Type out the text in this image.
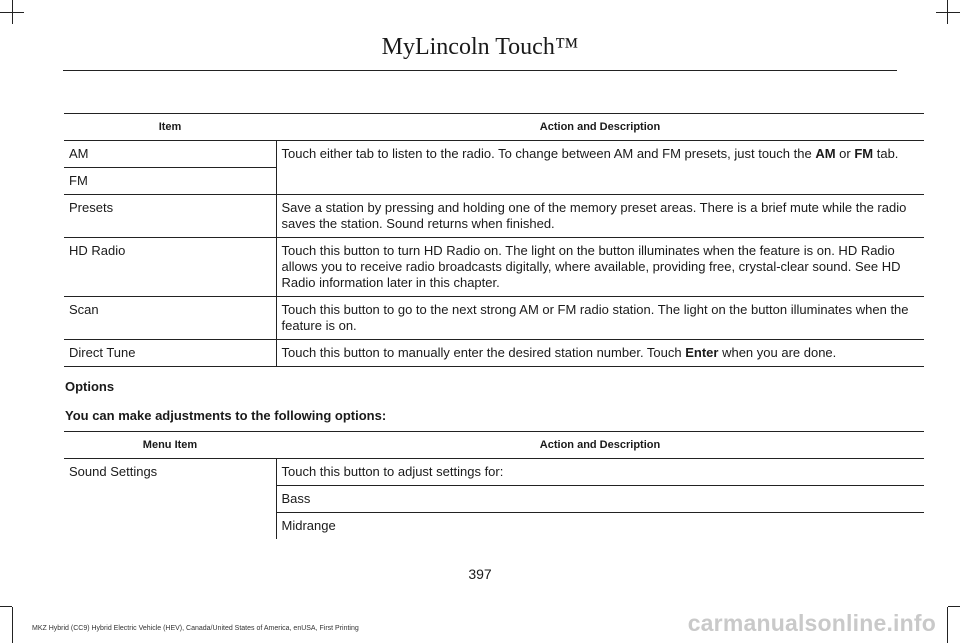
MyLincoln Touch™
Item	Action and Description
AM	Touch either tab to listen to the radio. To change between AM and FM presets, just touch the AM or FM tab.
FM	
Presets	Save a station by pressing and holding one of the memory preset areas. There is a brief mute while the radio saves the station. Sound returns when finished.
HD Radio	Touch this button to turn HD Radio on. The light on the button illuminates when the feature is on. HD Radio allows you to receive radio broadcasts digitally, where available, providing free, crystal-clear sound. See HD Radio information later in this chapter.
Scan	Touch this button to go to the next strong AM or FM radio station. The light on the button illuminates when the feature is on.
Direct Tune	Touch this button to manually enter the desired station number. Touch Enter when you are done.
Options
You can make adjustments to the following options:
Menu Item	Action and Description
Sound Settings	Touch this button to adjust settings for:
	Bass
	Midrange
397
MKZ Hybrid (CC9) Hybrid Electric Vehicle (HEV), Canada/United States of America, enUSA, First Printing	carmanualsonline.info
